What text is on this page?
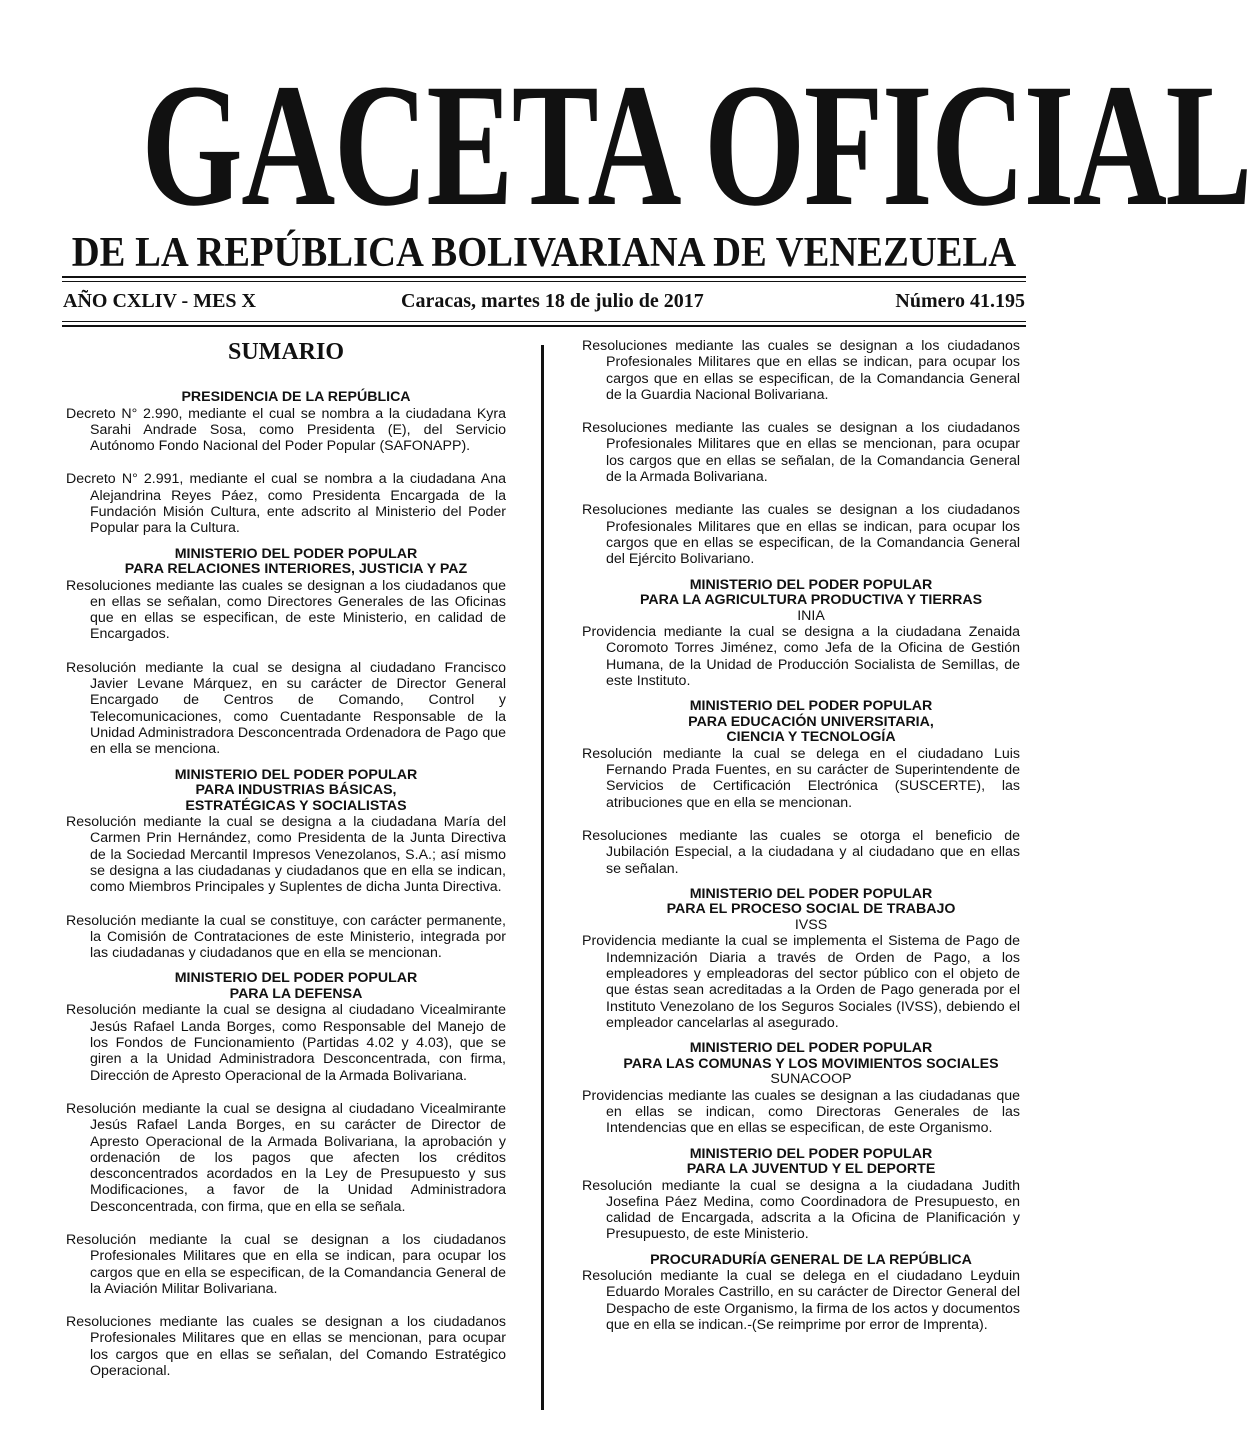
GACETA OFICIAL
DE LA REPÚBLICA BOLIVARIANA DE VENEZUELA
AÑO CXLIV - MES X	Caracas, martes 18 de julio de 2017	Número 41.195
SUMARIO
PRESIDENCIA DE LA REPÚBLICA
Decreto N° 2.990, mediante el cual se nombra a la ciudadana Kyra Sarahi Andrade Sosa, como Presidenta (E), del Servicio Autónomo Fondo Nacional del Poder Popular (SAFONAPP).
Decreto N° 2.991, mediante el cual se nombra a la ciudadana Ana Alejandrina Reyes Páez, como Presidenta Encargada de la Fundación Misión Cultura, ente adscrito al Ministerio del Poder Popular para la Cultura.
MINISTERIO DEL PODER POPULAR
PARA RELACIONES INTERIORES, JUSTICIA Y PAZ
Resoluciones mediante las cuales se designan a los ciudadanos que en ellas se señalan, como Directores Generales de las Oficinas que en ellas se especifican, de este Ministerio, en calidad de Encargados.
Resolución mediante la cual se designa al ciudadano Francisco Javier Levane Márquez, en su carácter de Director General Encargado de Centros de Comando, Control y Telecomunicaciones, como Cuentadante Responsable de la Unidad Administradora Desconcentrada Ordenadora de Pago que en ella se menciona.
MINISTERIO DEL PODER POPULAR
PARA INDUSTRIAS BÁSICAS,
ESTRATÉGICAS Y SOCIALISTAS
Resolución mediante la cual se designa a la ciudadana María del Carmen Prin Hernández, como Presidenta de la Junta Directiva de la Sociedad Mercantil Impresos Venezolanos, S.A.; así mismo se designa a las ciudadanas y ciudadanos que en ella se indican, como Miembros Principales y Suplentes de dicha Junta Directiva.
Resolución mediante la cual se constituye, con carácter permanente, la Comisión de Contrataciones de este Ministerio, integrada por las ciudadanas y ciudadanos que en ella se mencionan.
MINISTERIO DEL PODER POPULAR
PARA LA DEFENSA
Resolución mediante la cual se designa al ciudadano Vicealmirante Jesús Rafael Landa Borges, como Responsable del Manejo de los Fondos de Funcionamiento (Partidas 4.02 y 4.03), que se giren a la Unidad Administradora Desconcentrada, con firma, Dirección de Apresto Operacional de la Armada Bolivariana.
Resolución mediante la cual se designa al ciudadano Vicealmirante Jesús Rafael Landa Borges, en su carácter de Director de Apresto Operacional de la Armada Bolivariana, la aprobación y ordenación de los pagos que afecten los créditos desconcentrados acordados en la Ley de Presupuesto y sus Modificaciones, a favor de la Unidad Administradora Desconcentrada, con firma, que en ella se señala.
Resolución mediante la cual se designan a los ciudadanos Profesionales Militares que en ella se indican, para ocupar los cargos que en ella se especifican, de la Comandancia General de la Aviación Militar Bolivariana.
Resoluciones mediante las cuales se designan a los ciudadanos Profesionales Militares que en ellas se mencionan, para ocupar los cargos que en ellas se señalan, del Comando Estratégico Operacional.
Resoluciones mediante las cuales se designan a los ciudadanos Profesionales Militares que en ellas se indican, para ocupar los cargos que en ellas se especifican, de la Comandancia General de la Guardia Nacional Bolivariana.
Resoluciones mediante las cuales se designan a los ciudadanos Profesionales Militares que en ellas se mencionan, para ocupar los cargos que en ellas se señalan, de la Comandancia General de la Armada Bolivariana.
Resoluciones mediante las cuales se designan a los ciudadanos Profesionales Militares que en ellas se indican, para ocupar los cargos que en ellas se especifican, de la Comandancia General del Ejército Bolivariano.
MINISTERIO DEL PODER POPULAR
PARA LA AGRICULTURA PRODUCTIVA Y TIERRAS
INIA
Providencia mediante la cual se designa a la ciudadana Zenaida Coromoto Torres Jiménez, como Jefa de la Oficina de Gestión Humana, de la Unidad de Producción Socialista de Semillas, de este Instituto.
MINISTERIO DEL PODER POPULAR
PARA EDUCACIÓN UNIVERSITARIA,
CIENCIA Y TECNOLOGÍA
Resolución mediante la cual se delega en el ciudadano Luis Fernando Prada Fuentes, en su carácter de Superintendente de Servicios de Certificación Electrónica (SUSCERTE), las atribuciones que en ella se mencionan.
Resoluciones mediante las cuales se otorga el beneficio de Jubilación Especial, a la ciudadana y al ciudadano que en ellas se señalan.
MINISTERIO DEL PODER POPULAR
PARA EL PROCESO SOCIAL DE TRABAJO
IVSS
Providencia mediante la cual se implementa el Sistema de Pago de Indemnización Diaria a través de Orden de Pago, a los empleadores y empleadoras del sector público con el objeto de que éstas sean acreditadas a la Orden de Pago generada por el Instituto Venezolano de los Seguros Sociales (IVSS), debiendo el empleador cancelarlas al asegurado.
MINISTERIO DEL PODER POPULAR
PARA LAS COMUNAS Y LOS MOVIMIENTOS SOCIALES
SUNACOOP
Providencias mediante las cuales se designan a las ciudadanas que en ellas se indican, como Directoras Generales de las Intendencias que en ellas se especifican, de este Organismo.
MINISTERIO DEL PODER POPULAR
PARA LA JUVENTUD Y EL DEPORTE
Resolución mediante la cual se designa a la ciudadana Judith Josefina Páez Medina, como Coordinadora de Presupuesto, en calidad de Encargada, adscrita a la Oficina de Planificación y Presupuesto, de este Ministerio.
PROCURADURÍA GENERAL DE LA REPÚBLICA
Resolución mediante la cual se delega en el ciudadano Leyduin Eduardo Morales Castrillo, en su carácter de Director General del Despacho de este Organismo, la firma de los actos y documentos que en ella se indican.-(Se reimprime por error de Imprenta).
